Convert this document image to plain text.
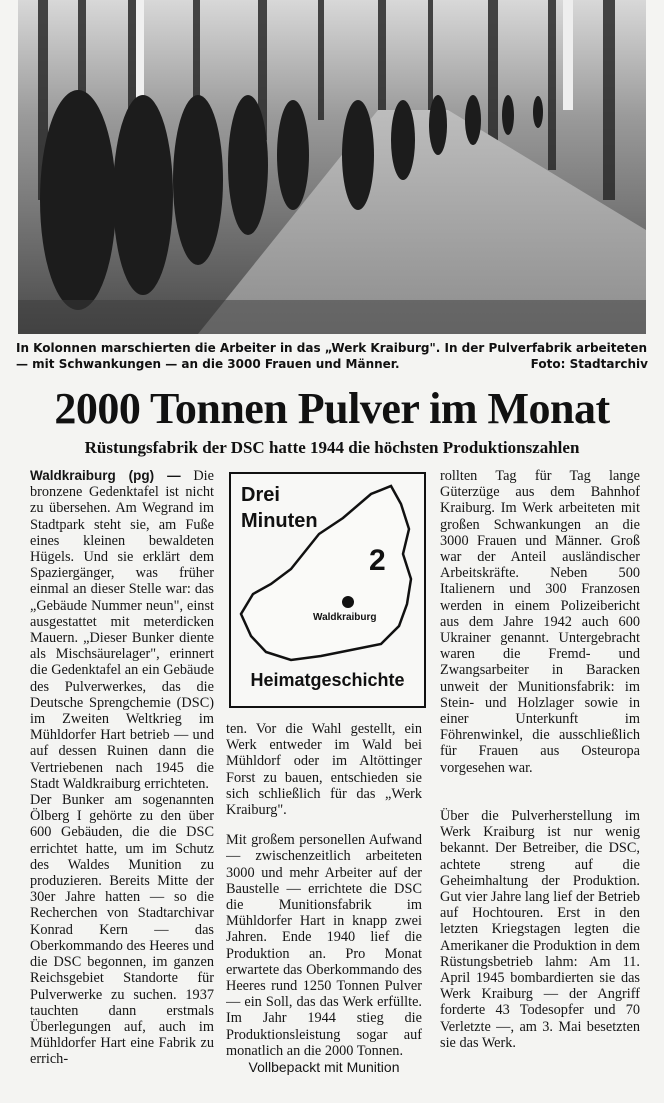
Foto: Stadtarchiv
In Kolonnen marschierten die Arbeiter in das „Werk Kraiburg". In der Pulverfabrik arbeiteten — mit Schwankungen — an die 3000 Frauen und Männer.
2000 Tonnen Pulver im Monat
Rüstungsfabrik der DSC hatte 1944 die höchsten Produktionszahlen

Waldkraiburg (pg) — Die bronzene Gedenktafel ist nicht zu übersehen. Am Wegrand im Stadtpark steht sie, am Fuße eines kleinen bewaldeten Hügels. Und sie erklärt dem Spaziergänger, was früher einmal an dieser Stelle war: das „Gebäude Nummer neun", einst ausgestattet mit meterdicken Mauern. „Dieser Bunker diente als Mischsäurelager", erinnert die Gedenktafel an ein Gebäude des Pulverwerkes, das die Deutsche Sprengchemie (DSC) im Zweiten Weltkrieg im Mühldorfer Hart betrieb — und auf dessen Ruinen dann die Vertriebenen nach 1945 die Stadt Waldkraiburg errichteten.

Der Bunker am sogenannten Ölberg I gehörte zu den über 600 Gebäuden, die die DSC errichtet hatte, um im Schutz des Waldes Munition zu produzieren. Bereits Mitte der 30er Jahre hatten — so die Recherchen von Stadtarchivar Konrad Kern — das Oberkommando des Heeres und die DSC begonnen, im ganzen Reichsgebiet Standorte für Pulverwerke zu suchen. 1937 tauchten dann erstmals Überlegungen auf, auch im Mühldorfer Hart eine Fabrik zu errich-

Drei
Minuten
2
Waldkraiburg
Heimatgeschichte

ten. Vor die Wahl gestellt, ein Werk entweder im Wald bei Mühldorf oder im Altöttinger Forst zu bauen, entschieden sie sich schließlich für das „Werk Kraiburg".

Mit großem personellen Aufwand — zwischenzeitlich arbeiteten 3000 und mehr Arbeiter auf der Baustelle — errichtete die DSC die Munitionsfabrik im Mühldorfer Hart in knapp zwei Jahren. Ende 1940 lief die Produktion an. Pro Monat erwartete das Oberkommando des Heeres rund 1250 Tonnen Pulver — ein Soll, das das Werk erfüllte. Im Jahr 1944 stieg die Produktionsleistung sogar auf monatlich an die 2000 Tonnen.

Vollbepackt mit Munition

rollten Tag für Tag lange Güterzüge aus dem Bahnhof Kraiburg. Im Werk arbeiteten mit großen Schwankungen an die 3000 Frauen und Männer. Groß war der Anteil ausländischer Arbeitskräfte. Neben 500 Italienern und 300 Franzosen werden in einem Polizeibericht aus dem Jahre 1942 auch 600 Ukrainer genannt. Untergebracht waren die Fremd- und Zwangsarbeiter in Baracken unweit der Munitionsfabrik: im Stein- und Holzlager sowie in einer Unterkunft im Föhrenwinkel, die ausschließlich für Frauen aus Osteuropa vorgesehen war.

Über die Pulverherstellung im Werk Kraiburg ist nur wenig bekannt. Der Betreiber, die DSC, achtete streng auf die Geheimhaltung der Produktion. Gut vier Jahre lang lief der Betrieb auf Hochtouren. Erst in den letzten Kriegstagen legten die Amerikaner die Produktion in dem Rüstungsbetrieb lahm: Am 11. April 1945 bombardierten sie das Werk Kraiburg — der Angriff forderte 43 Todesopfer und 70 Verletzte —, am 3. Mai besetzten sie das Werk.
